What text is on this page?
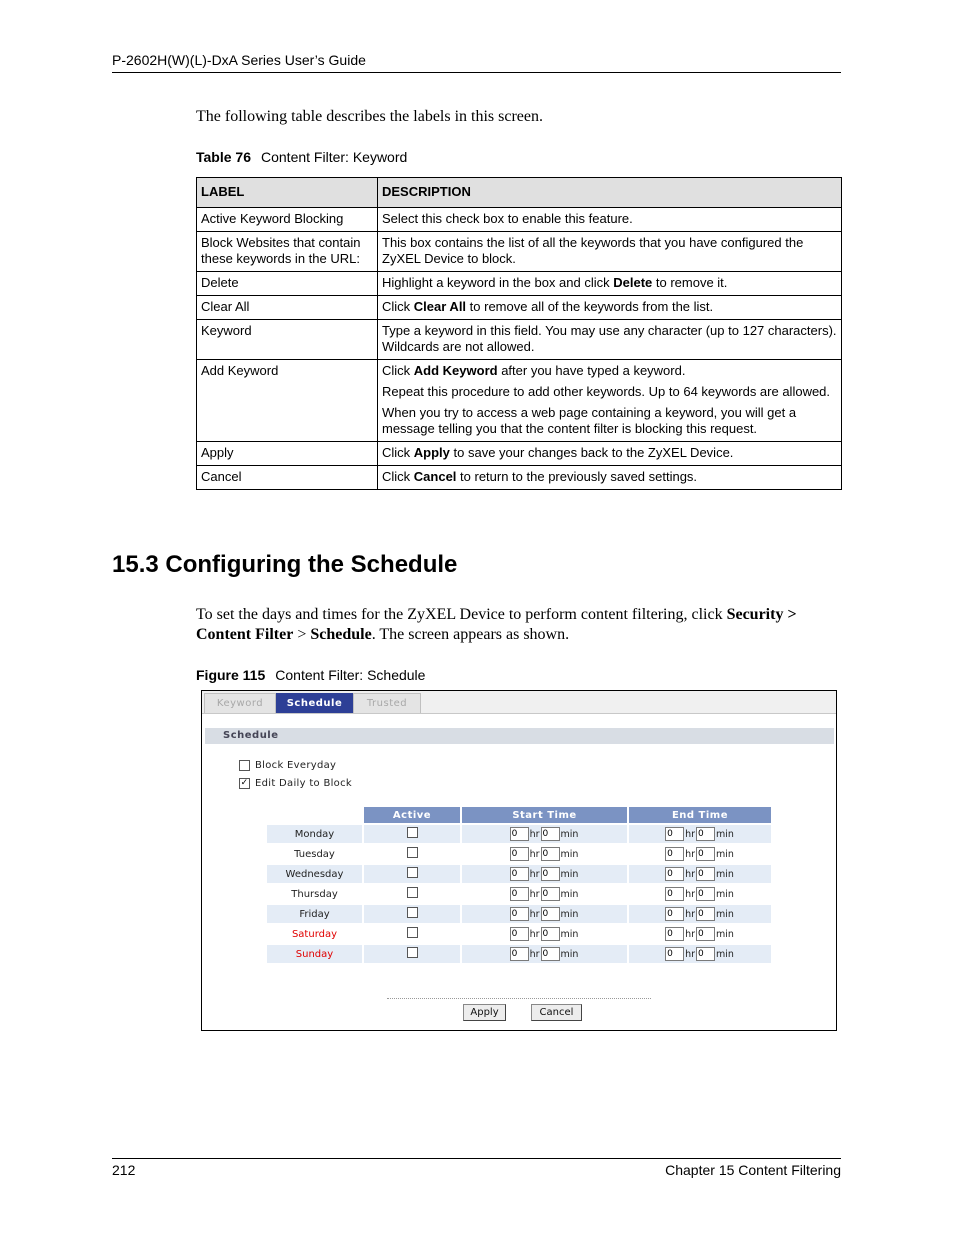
P-2602H(W)(L)-DxA Series User’s Guide
The following table describes the labels in this screen.
Table 76 Content Filter: Keyword
LABEL	DESCRIPTION
Active Keyword Blocking	Select this check box to enable this feature.

Block Websites that contain these keywords in the URL:	This box contains the list of all the keywords that you have configured the ZyXEL Device to block.

Delete	Highlight a keyword in the box and click Delete to remove it.

Clear All	Click Clear All to remove all of the keywords from the list.

Keyword	Type a keyword in this field. You may use any character (up to 127 characters). Wildcards are not allowed.

Add Keyword	Click Add Keyword after you have typed a keyword.

Repeat this procedure to add other keywords. Up to 64 keywords are allowed.

When you try to access a web page containing a keyword, you will get a message telling you that the content filter is blocking this request.

Apply	Click Apply to save your changes back to the ZyXEL Device.

Cancel	Click Cancel to return to the previously saved settings.

15.3 Configuring the Schedule
To set the days and times for the ZyXEL Device to perform content filtering, click Security > Content Filter > Schedule. The screen appears as shown.
Figure 115 Content Filter: Schedule
Keyword	Schedule	Trusted
Schedule
Block Everyday
✓ Edit Daily to Block
	Active	Start Time	End Time
Monday		0 hr 0 min	0 hr 0 min
Tuesday		0 hr 0 min	0 hr 0 min
Wednesday		0 hr 0 min	0 hr 0 min
Thursday		0 hr 0 min	0 hr 0 min
Friday		0 hr 0 min	0 hr 0 min
Saturday		0 hr 0 min	0 hr 0 min
Sunday		0 hr 0 min	0 hr 0 min
Apply	Cancel
212	Chapter 15 Content Filtering
